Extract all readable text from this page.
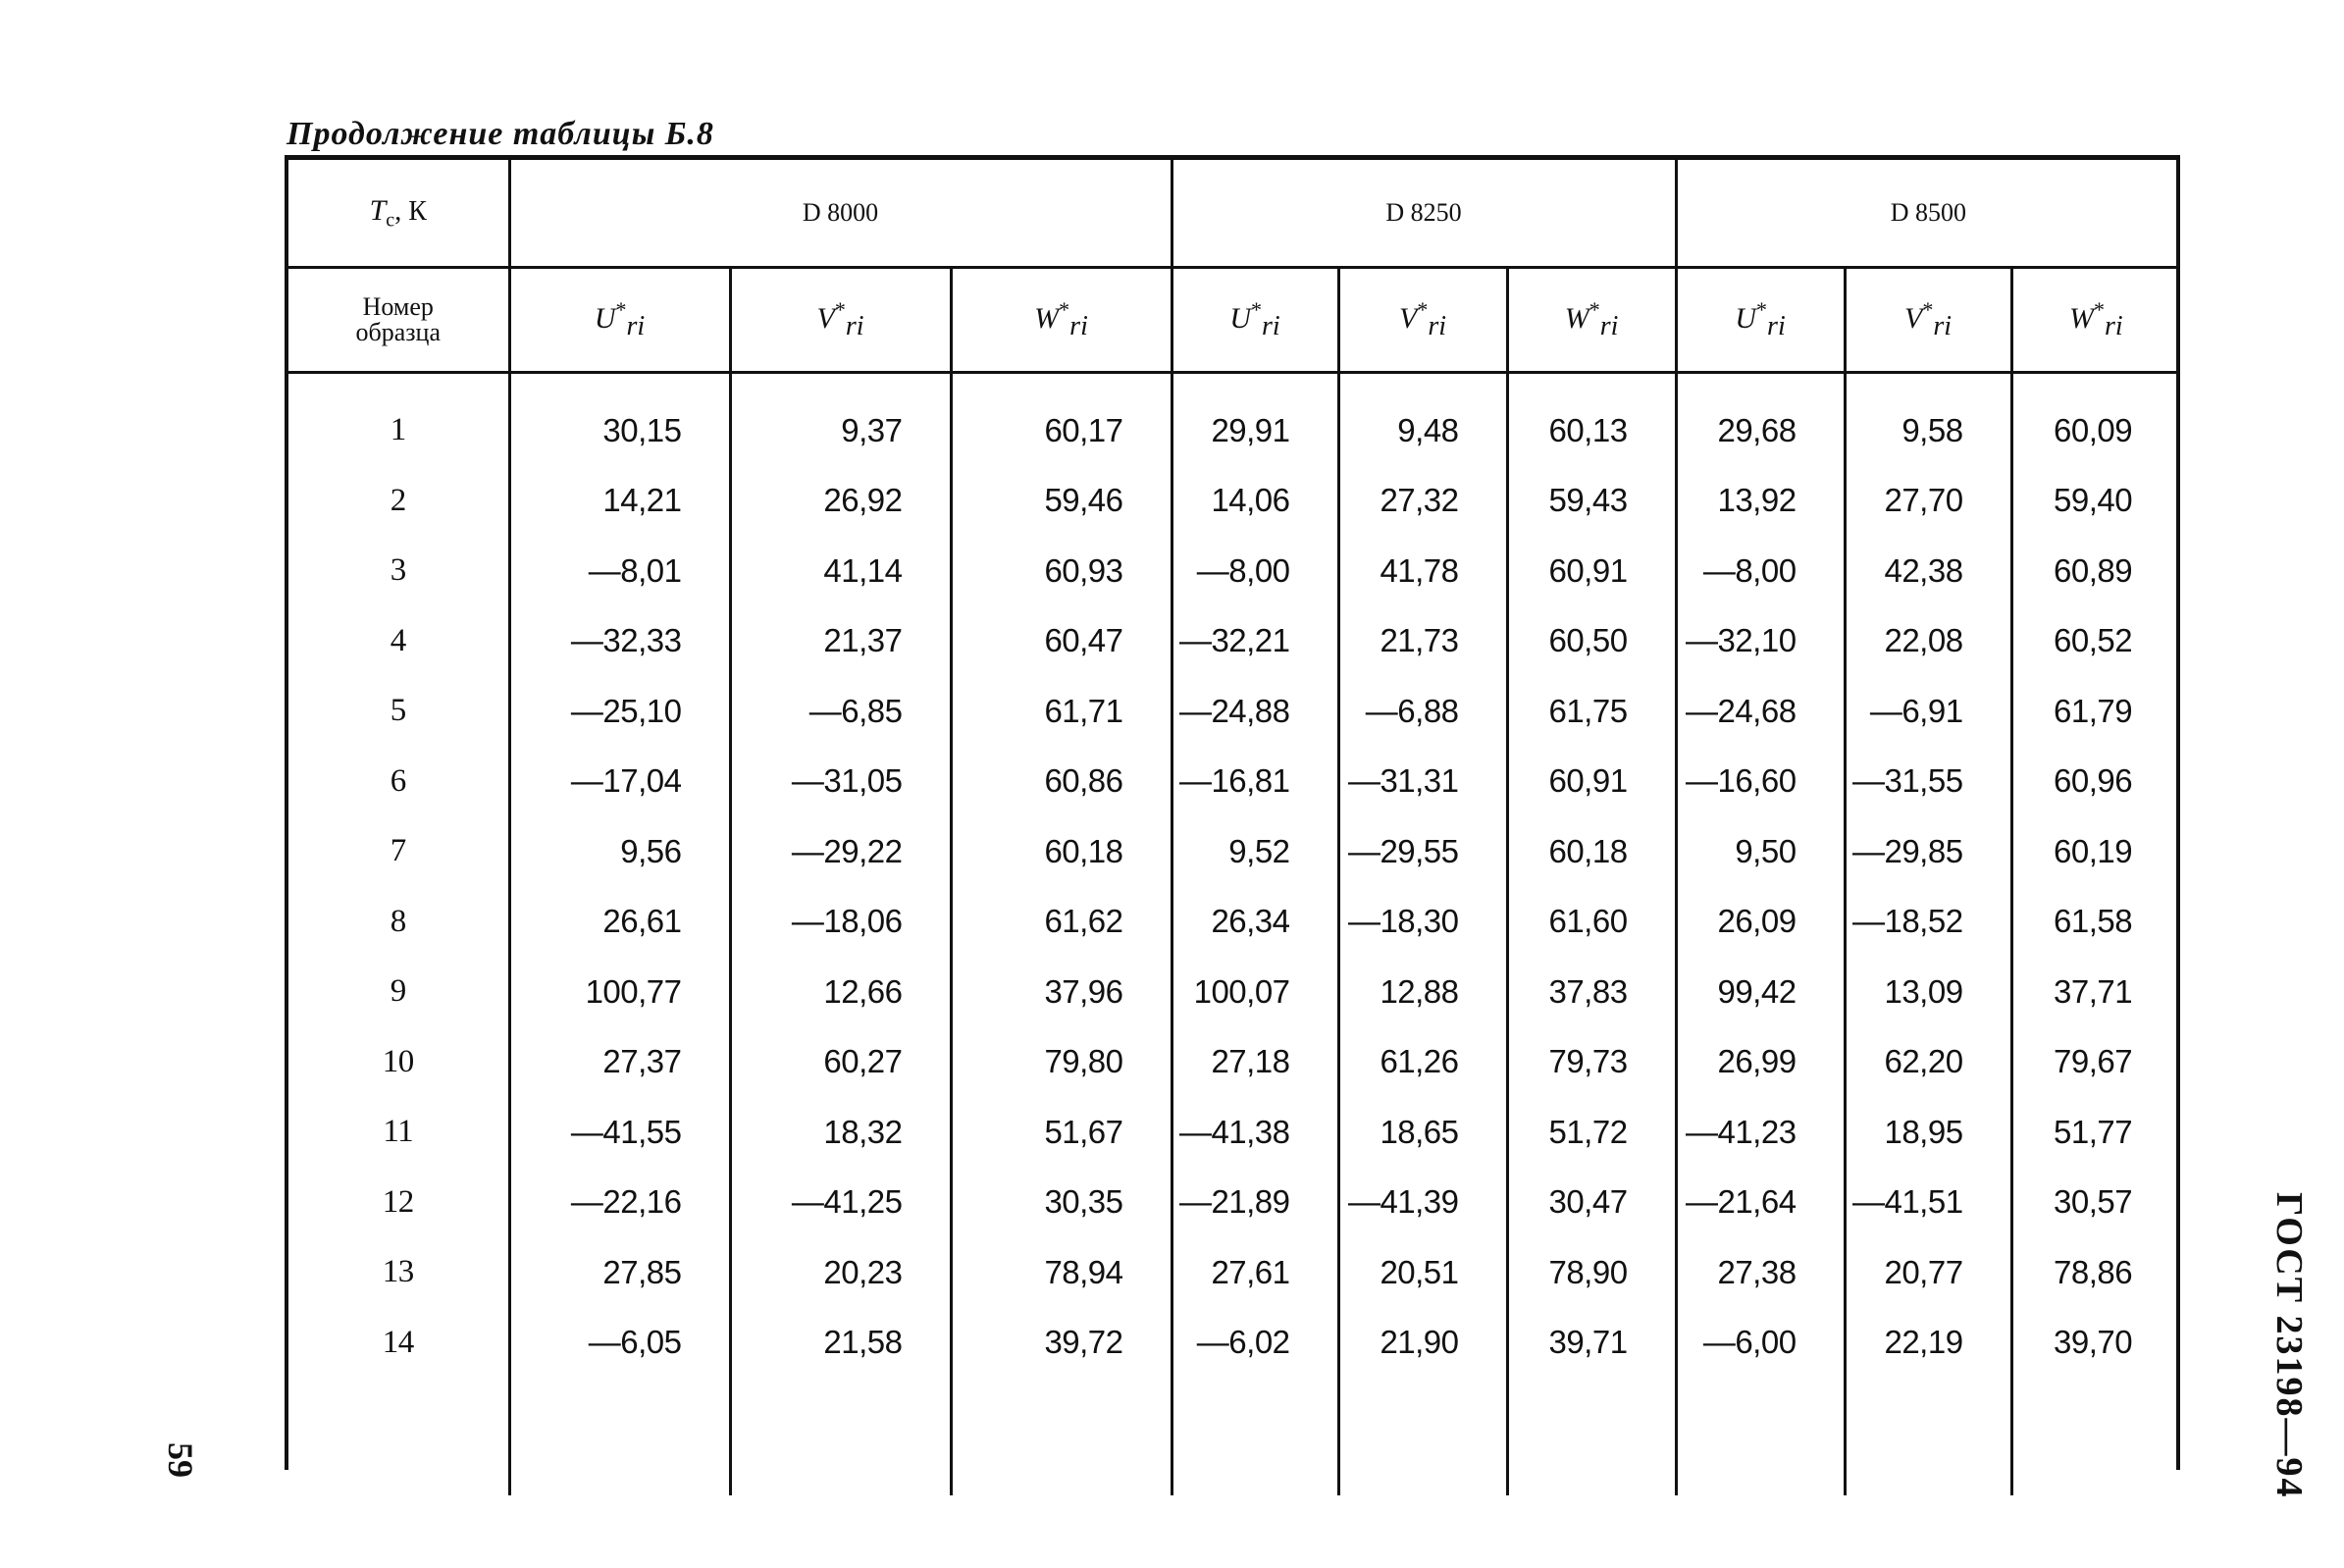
Продолжение таблицы Б.8
$T_с$, К	D 8000			D 8250			D 8500		

Номер
образца	U*ri	V*ri	W*ri	U*ri	V*ri	W*ri	U*ri	V*ri	W*ri
1	30,15	9,37	60,17	29,91	9,48	60,13	29,68	9,58	60,09
2	14,21	26,92	59,46	14,06	27,32	59,43	13,92	27,70	59,40
3	—8,01	41,14	60,93	—8,00	41,78	60,91	—8,00	42,38	60,89
4	—32,33	21,37	60,47	—32,21	21,73	60,50	—32,10	22,08	60,52
5	—25,10	—6,85	61,71	—24,88	—6,88	61,75	—24,68	—6,91	61,79
6	—17,04	—31,05	60,86	—16,81	—31,31	60,91	—16,60	—31,55	60,96
7	9,56	—29,22	60,18	9,52	—29,55	60,18	9,50	—29,85	60,19
8	26,61	—18,06	61,62	26,34	—18,30	61,60	26,09	—18,52	61,58
9	100,77	12,66	37,96	100,07	12,88	37,83	99,42	13,09	37,71
10	27,37	60,27	79,80	27,18	61,26	79,73	26,99	62,20	79,67
11	—41,55	18,32	51,67	—41,38	18,65	51,72	—41,23	18,95	51,77
12	—22,16	—41,25	30,35	—21,89	—41,39	30,47	—21,64	—41,51	30,57
13	27,85	20,23	78,94	27,61	20,51	78,90	27,38	20,77	78,86
14	—6,05	21,58	39,72	—6,02	21,90	39,71	—6,00	22,19	39,70

59	ГОСТ 23198—94
